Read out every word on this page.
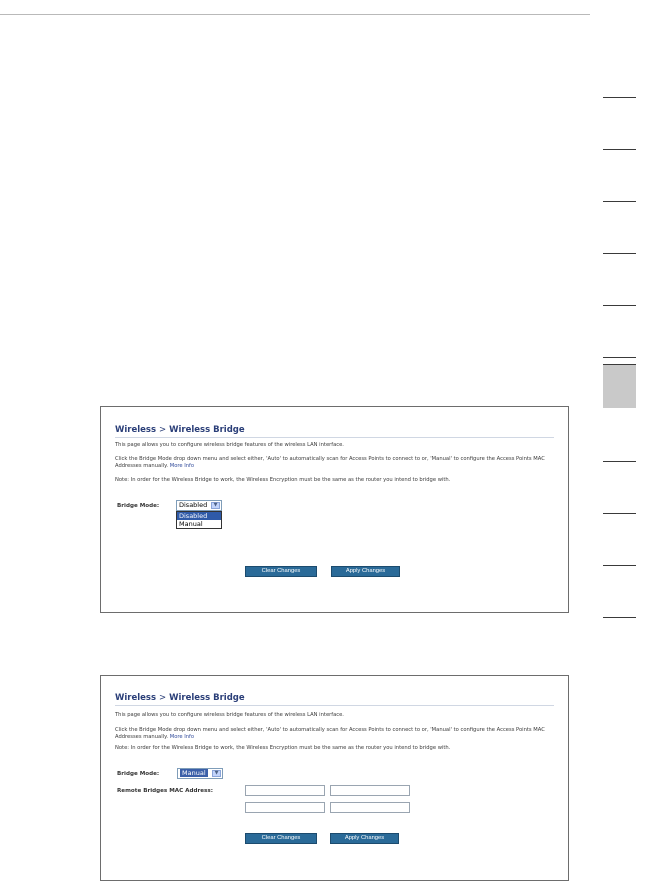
Wireless > Wireless Bridge
This page allows you to configure wireless bridge features of the wireless LAN interface.
Click the Bridge Mode drop down menu and select either, 'Auto' to automatically scan for Access Points to connect to or, 'Manual' to configure the Access Points MAC Addresses manually. More Info
Note: In order for the Wireless Bridge to work, the Wireless Encryption must be the same as the router you intend to bridge with.
Bridge Mode:	Disabled	▼
Disabled
Manual
Clear Changes	Apply Changes
Wireless > Wireless Bridge
This page allows you to configure wireless bridge features of the wireless LAN interface.
Click the Bridge Mode drop down menu and select either, 'Auto' to automatically scan for Access Points to connect to or, 'Manual' to configure the Access Points MAC Addresses manually. More Info
Note: In order for the Wireless Bridge to work, the Wireless Encryption must be the same as the router you intend to bridge with.
Bridge Mode:	Manual	▼
Remote Bridges MAC Address:
Clear Changes	Apply Changes
